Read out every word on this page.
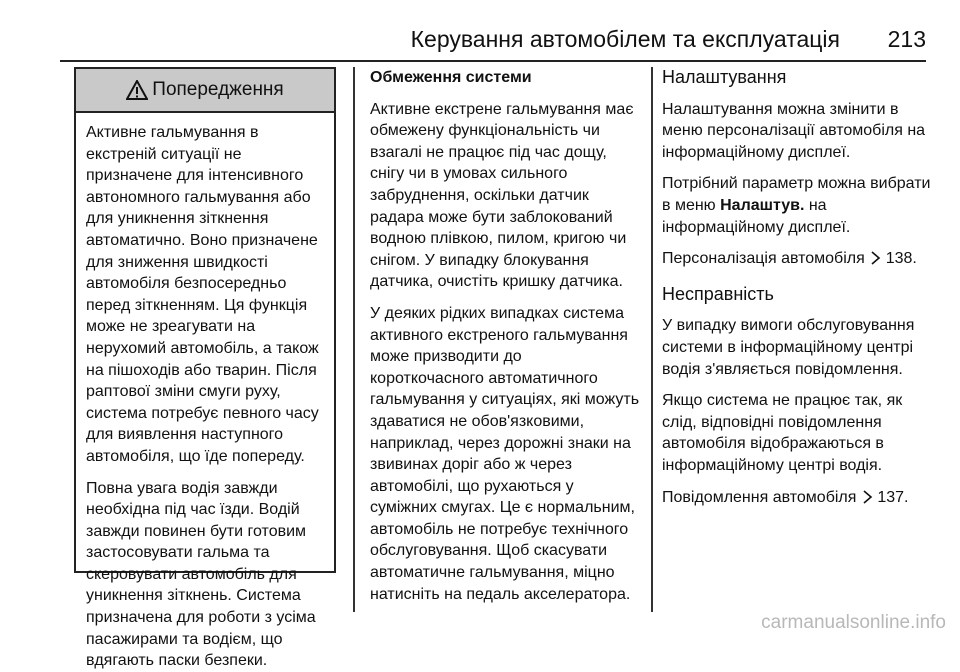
Керування автомобілем та експлуатація 213
Попередження

Активне гальмування в екстреній ситуації не призначене для інтенсивного автономного гальмування або для уникнення зіткнення автоматично. Воно призначене для зниження швидкості автомобіля безпосередньо перед зіткненням. Ця функція може не зреагувати на нерухомий автомобіль, а також на пішоходів або тварин. Після раптової зміни смуги руху, система потребує певного часу для виявлення наступного автомобіля, що їде попереду.

Повна увага водія завжди необхідна під час їзди. Водій завжди повинен бути готовим застосовувати гальма та скеровувати автомобіль для уникнення зіткнень. Система призначена для роботи з усіма пасажирами та водієм, що вдягають паски безпеки.

Обмеження системи

Активне екстрене гальмування має обмежену функціональність чи взагалі не працює під час дощу, снігу чи в умовах сильного забруднення, оскільки датчик радара може бути заблокований водною плівкою, пилом, кригою чи снігом. У випадку блокування датчика, очистіть кришку датчика.

У деяких рідких випадках система активного екстреного гальмування може призводити до короткочасного автоматичного гальмування у ситуаціях, які можуть здаватися не обов'язковими, наприклад, через дорожні знаки на звивинах доріг або ж через автомобілі, що рухаються у суміжних смугах. Це є нормальним, автомобіль не потребує технічного обслуговування. Щоб скасувати автоматичне гальмування, міцно натисніть на педаль акселератора.

Налаштування

Налаштування можна змінити в меню персоналізації автомобіля на інформаційному дисплеї.

Потрібний параметр можна вибрати в меню Налаштув. на інформаційному дисплеї.

Персоналізація автомобіля 138.

Несправність

У випадку вимоги обслуговування системи в інформаційному центрі водія з'являється повідомлення.

Якщо система не працює так, як слід, відповідні повідомлення автомобіля відображаються в інформаційному центрі водія.

Повідомлення автомобіля 137.

carmanualsonline.info
